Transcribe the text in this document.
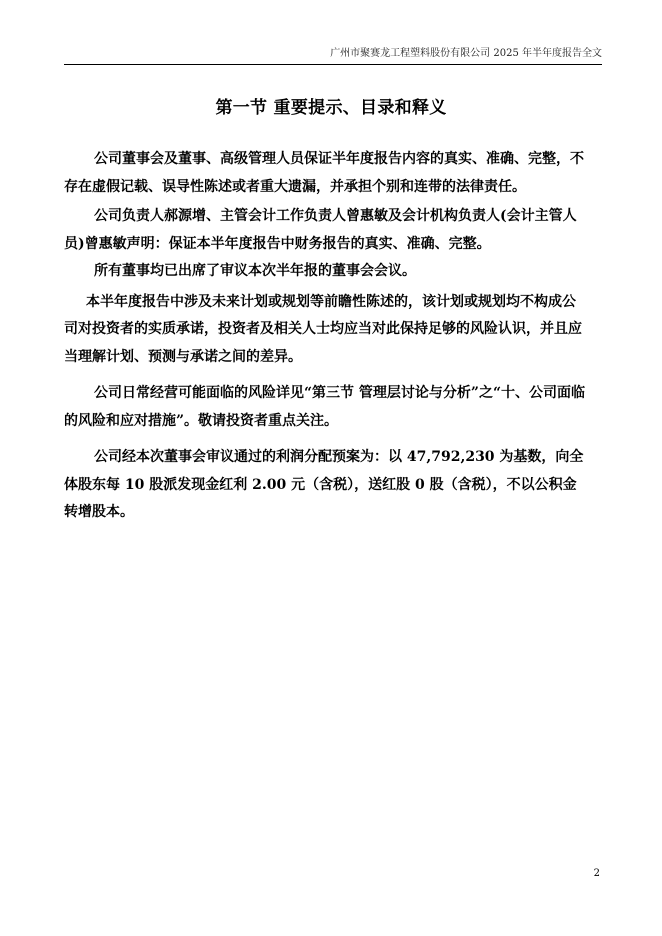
广州市聚赛龙工程塑料股份有限公司 2025 年半年度报告全文
第一节 重要提示、目录和释义

公司董事会及董事、高级管理人员保证半年度报告内容的真实、准确、完整，不存在虚假记载、误导性陈述或者重大遗漏，并承担个别和连带的法律责任。

公司负责人郝源增、主管会计工作负责人曾惠敏及会计机构负责人(会计主管人员)曾惠敏声明：保证本半年度报告中财务报告的真实、准确、完整。

所有董事均已出席了审议本次半年报的董事会会议。

本半年度报告中涉及未来计划或规划等前瞻性陈述的，该计划或规划均不构成公司对投资者的实质承诺，投资者及相关人士均应当对此保持足够的风险认识，并且应当理解计划、预测与承诺之间的差异。

公司日常经营可能面临的风险详见“第三节 管理层讨论与分析”之“十、公司面临的风险和应对措施”。敬请投资者重点关注。

公司经本次董事会审议通过的利润分配预案为：以 47,792,230 为基数，向全体股东每 10 股派发现金红利 2.00 元（含税），送红股 0 股（含税），不以公积金转增股本。

2
